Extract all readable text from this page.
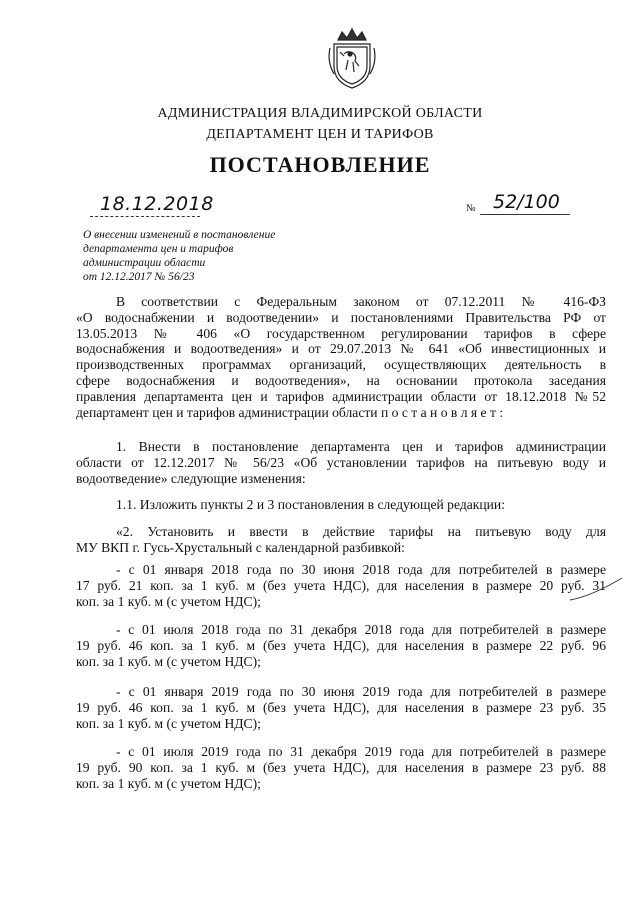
АДМИНИСТРАЦИЯ ВЛАДИМИРСКОЙ ОБЛАСТИ
ДЕПАРТАМЕНТ ЦЕН И ТАРИФОВ
ПОСТАНОВЛЕНИЕ
18.12.2018	№ 52/100
О внесении изменений в постановление
департамента цен и тарифов
администрации области
от 12.12.2017 № 56/23
В соответствии с Федеральным законом от 07.12.2011 № 416-ФЗ
«О водоснабжении и водоотведении» и постановлениями Правительства РФ от
13.05.2013 № 406 «О государственном регулировании тарифов в сфере
водоснабжения и водоотведения» и от 29.07.2013 № 641 «Об инвестиционных и
производственных программах организаций, осуществляющих деятельность в
сфере водоснабжения и водоотведения», на основании протокола заседания
правления департамента цен и тарифов администрации области от 18.12.2018 №52
департамент цен и тарифов администрации области п о с т а н о в л я е т :
1. Внести в постановление департамента цен и тарифов администрации
области от 12.12.2017 № 56/23 «Об установлении тарифов на питьевую воду и
водоотведение» следующие изменения:
1.1. Изложить пункты 2 и 3 постановления в следующей редакции:
«2. Установить и ввести в действие тарифы на питьевую воду для
МУ ВКП г. Гусь-Хрустальный с календарной разбивкой:
- с 01 января 2018 года по 30 июня 2018 года для потребителей в размере
17 руб. 21 коп. за 1 куб. м (без учета НДС), для населения в размере 20 руб. 31
коп. за 1 куб. м (с учетом НДС);
- с 01 июля 2018 года по 31 декабря 2018 года для потребителей в размере
19 руб. 46 коп. за 1 куб. м (без учета НДС), для населения в размере 22 руб. 96
коп. за 1 куб. м (с учетом НДС);
- с 01 января 2019 года по 30 июня 2019 года для потребителей в размере
19 руб. 46 коп. за 1 куб. м (без учета НДС), для населения в размере 23 руб. 35
коп. за 1 куб. м (с учетом НДС);
- с 01 июля 2019 года по 31 декабря 2019 года для потребителей в размере
19 руб. 90 коп. за 1 куб. м (без учета НДС), для населения в размере 23 руб. 88
коп. за 1 куб. м (с учетом НДС);
